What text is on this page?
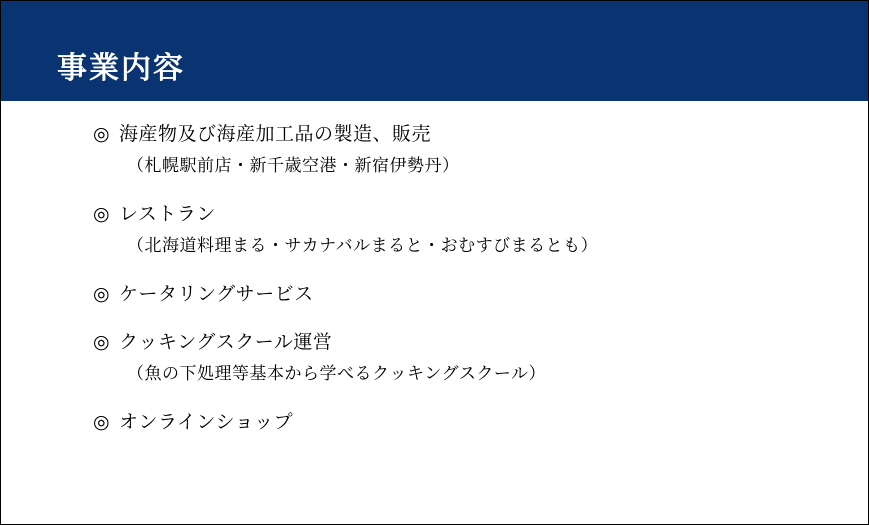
事業内容
◎ 海産物及び海産加工品の製造、販売
（札幌駅前店・新千歳空港・新宿伊勢丹）
◎ レストラン
（北海道料理まる・サカナバルまると・おむすびまるとも）
◎ ケータリングサービス
◎ クッキングスクール運営
（魚の下処理等基本から学べるクッキングスクール）
◎ オンラインショップ
